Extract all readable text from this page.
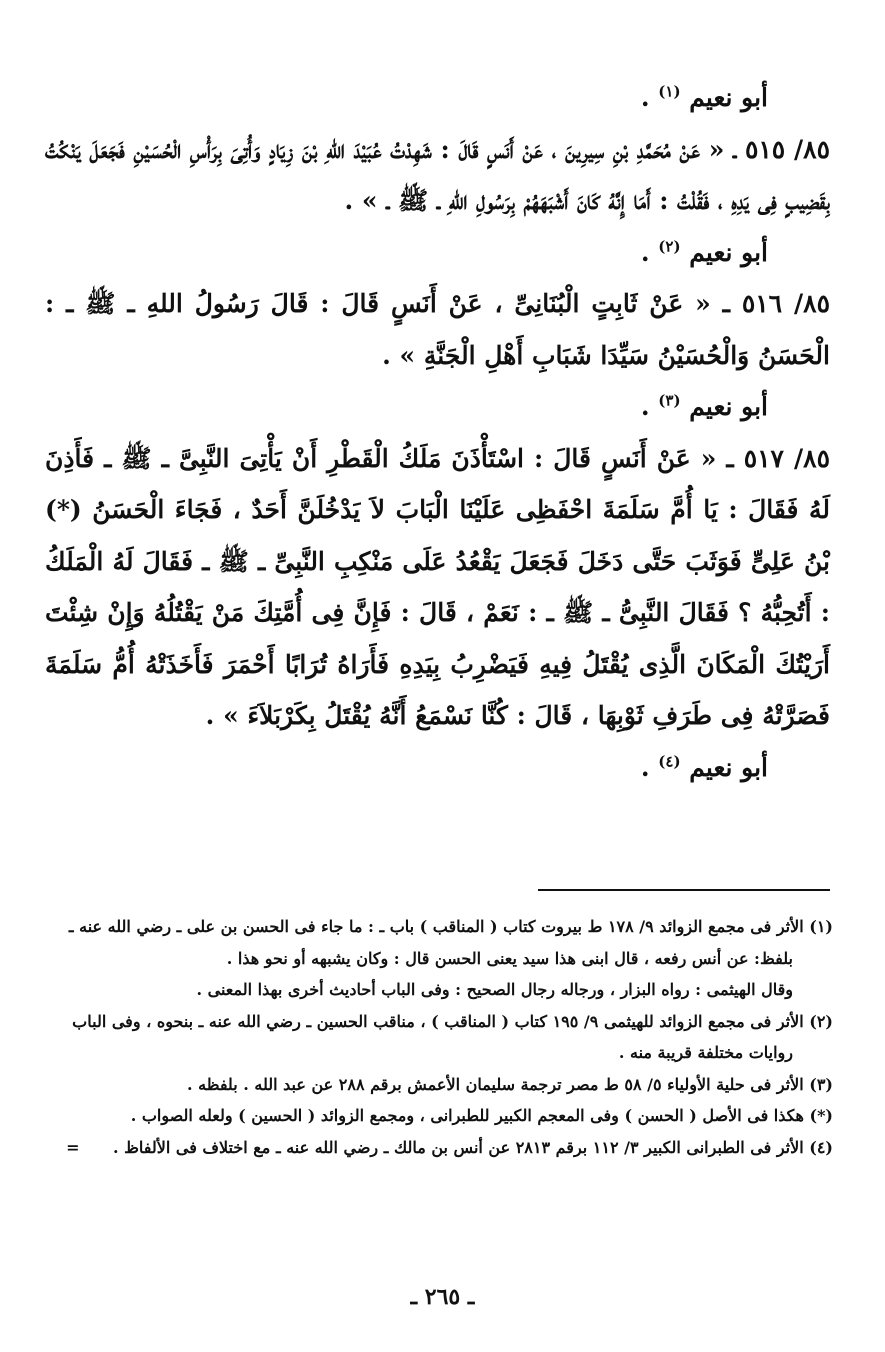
أبو نعيم $^{(١)}$ .

٨٥/ ٥١٥ ـ « عَنْ مُحَمَّدِ بْنِ سِيرِينَ ، عَنْ أَنَسٍ قَالَ : شَهِدْتُ عُبَيْدَ اللهِ بْنَ زِيَادٍ وَأُتِىَ بِرَأْسِ الْحُسَيْنِ فَجَعَلَ يَنْكُتُ بِقَضِيبٍ فِى يَدِهِ ، فَقُلْتُ : أَمَا إِنَّهُ كَانَ أَشْبَهَهُمْ بِرَسُولِ اللهِ ـ ﷺ ـ » .

أبو نعيم $^{(٢)}$ .

٨٥/ ٥١٦ ـ « عَنْ ثَابِتٍ الْبُنَانِىِّ ، عَنْ أَنَسٍ قَالَ : قَالَ رَسُولُ اللهِ ـ ﷺ ـ : الْحَسَنُ وَالْحُسَيْنُ سَيِّدَا شَبَابِ أَهْلِ الْجَنَّةِ » .

أبو نعيم $^{(٣)}$ .

٨٥/ ٥١٧ ـ « عَنْ أَنَسٍ قَالَ : اسْتَأْذَنَ مَلَكُ الْقَطْرِ أَنْ يَأْتِىَ النَّبِىَّ ـ ﷺ ـ فَأَذِنَ لَهُ فَقَالَ : يَا أُمَّ سَلَمَةَ احْفَظِى عَلَيْنَا الْبَابَ لاَ يَدْخُلَنَّ أَحَدٌ ، فَجَاءَ الْحَسَنُ (*) بْنُ عَلِىٍّ فَوَثَبَ حَتَّى دَخَلَ فَجَعَلَ يَقْعُدُ عَلَى مَنْكِبِ النَّبِىِّ ـ ﷺ ـ فَقَالَ لَهُ الْمَلَكُ : أَتُحِبُّهُ ؟ فَقَالَ النَّبِىُّ ـ ﷺ ـ : نَعَمْ ، قَالَ : فَإِنَّ فِى أُمَّتِكَ مَنْ يَقْتُلُهُ وَإِنْ شِئْتَ أَرَيْتُكَ الْمَكَانَ الَّذِى يُقْتَلُ فِيهِ فَيَضْرِبُ بِيَدِهِ فَأَرَاهُ تُرَابًا أَحْمَرَ فَأَخَذَتْهُ أُمُّ سَلَمَةَ فَصَرَّتْهُ فِى طَرَفِ ثَوْبِهَا ، قَالَ : كُنَّا نَسْمَعُ أَنَّهُ يُقْتَلُ بِكَرْبَلاَءَ » .

أبو نعيم $^{(٤)}$ .

(١) الأثر فى مجمع الزوائد ٩/ ١٧٨ ط بيروت كتاب ( المناقب ) باب ـ : ما جاء فى الحسن بن على ـ رضي الله عنه ـ

بلفظ: عن أنس رفعه ، قال ابنى هذا سيد يعنى الحسن قال : وكان يشبهه أو نحو هذا .

وقال الهيثمى : رواه البزار ، ورجاله رجال الصحيح : وفى الباب أحاديث أخرى بهذا المعنى .

(٢) الأثر فى مجمع الزوائد للهيثمى ٩/ ١٩٥ كتاب ( المناقب ) ، مناقب الحسين ـ رضي الله عنه ـ بنحوه ، وفى الباب

روايات مختلفة قريبة منه .

(٣) الأثر فى حلية الأولياء ٥/ ٥٨ ط مصر ترجمة سليمان الأعمش برقم ٢٨٨ عن عبد الله . بلفظه .

(*) هكذا فى الأصل ( الحسن ) وفى المعجم الكبير للطبرانى ، ومجمع الزوائد ( الحسين ) ولعله الصواب .

(٤) الأثر فى الطبرانى الكبير ٣/ ١١٢ برقم ٢٨١٣ عن أنس بن مالك ـ رضي الله عنه ـ مع اختلاف فى الألفاظ .      =

ـ ٢٦٥ ـ
